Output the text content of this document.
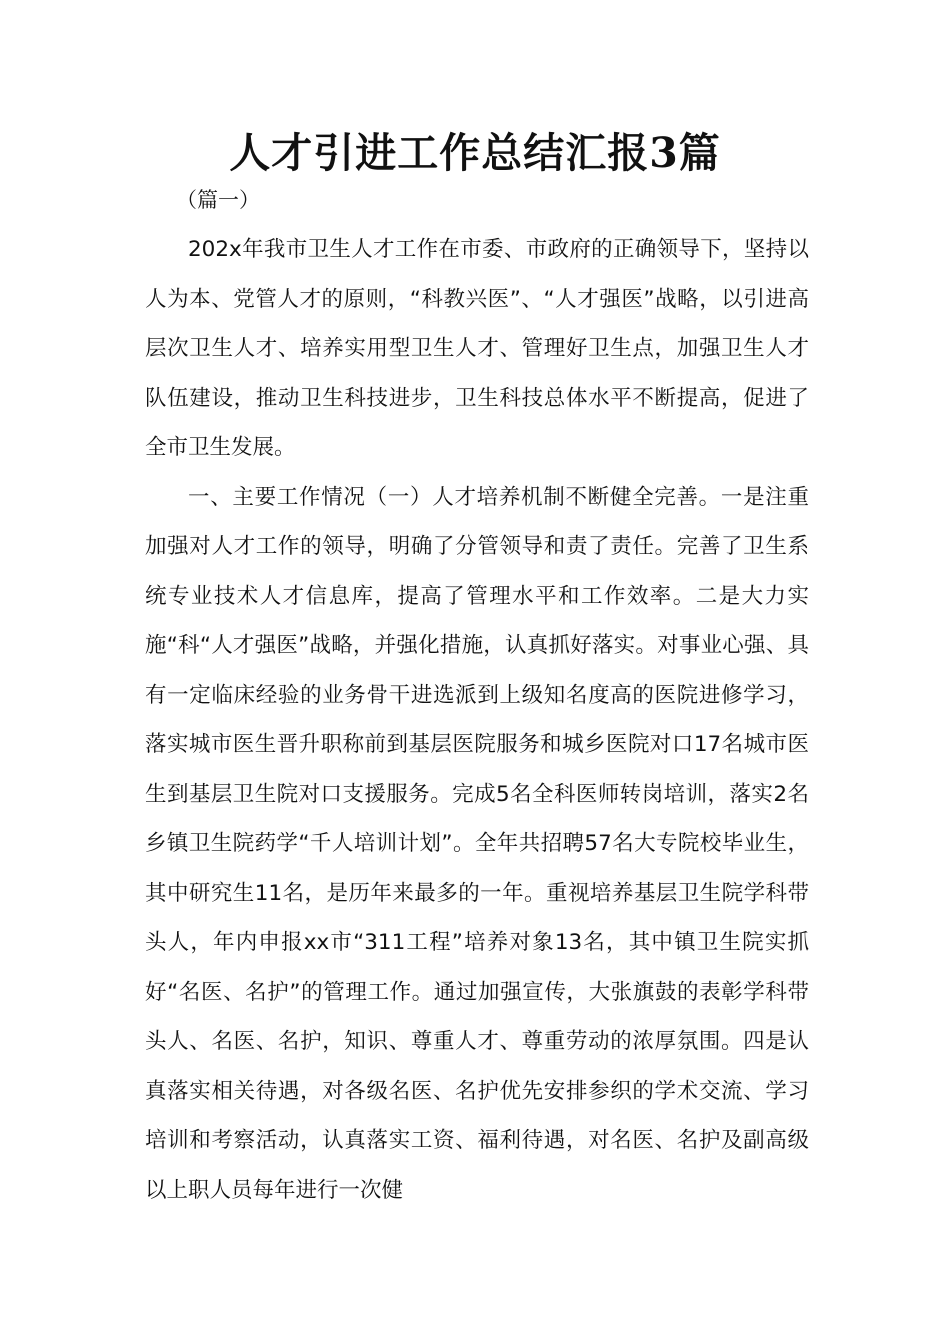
人才引进工作总结汇报3篇
（篇一）

202x年我市卫生人才工作在市委、市政府的正确领导下，坚持以人为本、党管人才的原则，“科教兴医”、“人才强医”战略，以引进高层次卫生人才、培养实用型卫生人才、管理好卫生点，加强卫生人才队伍建设，推动卫生科技进步，卫生科技总体水平不断提高，促进了全市卫生发展。

一、主要工作情况（一）人才培养机制不断健全完善。一是注重加强对人才工作的领导，明确了分管领导和责了责任。完善了卫生系统专业技术人才信息库，提高了管理水平和工作效率。二是大力实施“科“人才强医”战略，并强化措施，认真抓好落实。对事业心强、具有一定临床经验的业务骨干进选派到上级知名度高的医院进修学习，落实城市医生晋升职称前到基层医院服务和城乡医院对口17名城市医生到基层卫生院对口支援服务。完成5名全科医师转岗培训，落实2名乡镇卫生院药学“千人培训计划”。全年共招聘57名大专院校毕业生，其中研究生11名，是历年来最多的一年。重视培养基层卫生院学科带头人，年内申报xx市“311工程”培养对象13名，其中镇卫生院实抓好“名医、名护”的管理工作。通过加强宣传，大张旗鼓的表彰学科带头人、名医、名护，知识、尊重人才、尊重劳动的浓厚氛围。四是认真落实相关待遇，对各级名医、名护优先安排参织的学术交流、学习培训和考察活动，认真落实工资、福利待遇，对名医、名护及副高级以上职人员每年进行一次健
